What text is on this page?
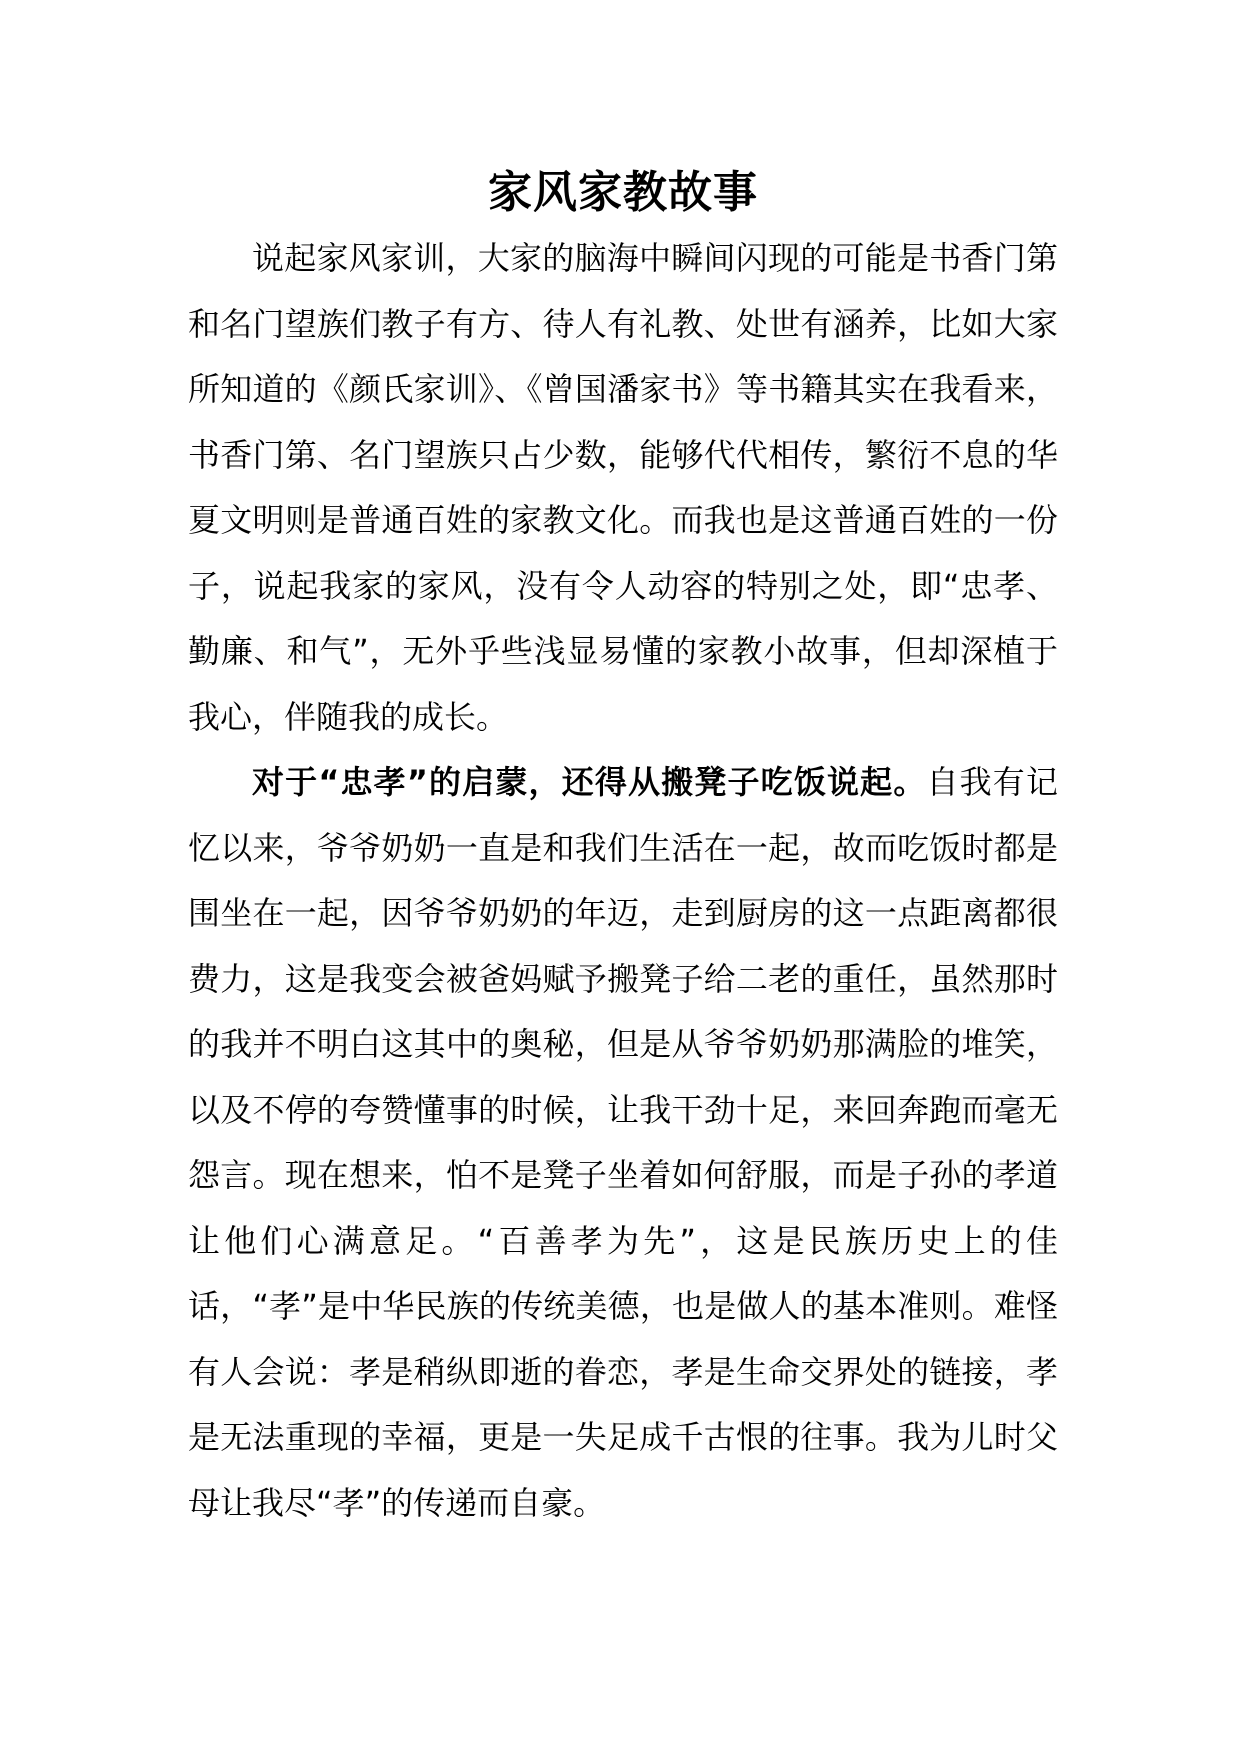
家风家教故事

说起家风家训，大家的脑海中瞬间闪现的可能是书香门第和名门望族们教子有方、待人有礼教、处世有涵养，比如大家所知道的《颜氏家训》、《曾国潘家书》等书籍其实在我看来，书香门第、名门望族只占少数，能够代代相传，繁衍不息的华夏文明则是普通百姓的家教文化。而我也是这普通百姓的一份子，说起我家的家风，没有令人动容的特别之处，即“忠孝、勤廉、和气”，无外乎些浅显易懂的家教小故事，但却深植于我心，伴随我的成长。

对于“忠孝”的启蒙，还得从搬凳子吃饭说起。自我有记忆以来，爷爷奶奶一直是和我们生活在一起，故而吃饭时都是围坐在一起，因爷爷奶奶的年迈，走到厨房的这一点距离都很费力，这是我变会被爸妈赋予搬凳子给二老的重任，虽然那时的我并不明白这其中的奥秘，但是从爷爷奶奶那满脸的堆笑，以及不停的夸赞懂事的时候，让我干劲十足，来回奔跑而毫无怨言。现在想来，怕不是凳子坐着如何舒服，而是子孙的孝道让他们心满意足。“百善孝为先”，这是民族历史上的佳话，“孝”是中华民族的传统美德，也是做人的基本准则。难怪有人会说：孝是稍纵即逝的眷恋，孝是生命交界处的链接，孝是无法重现的幸福，更是一失足成千古恨的往事。我为儿时父母让我尽“孝”的传递而自豪。
